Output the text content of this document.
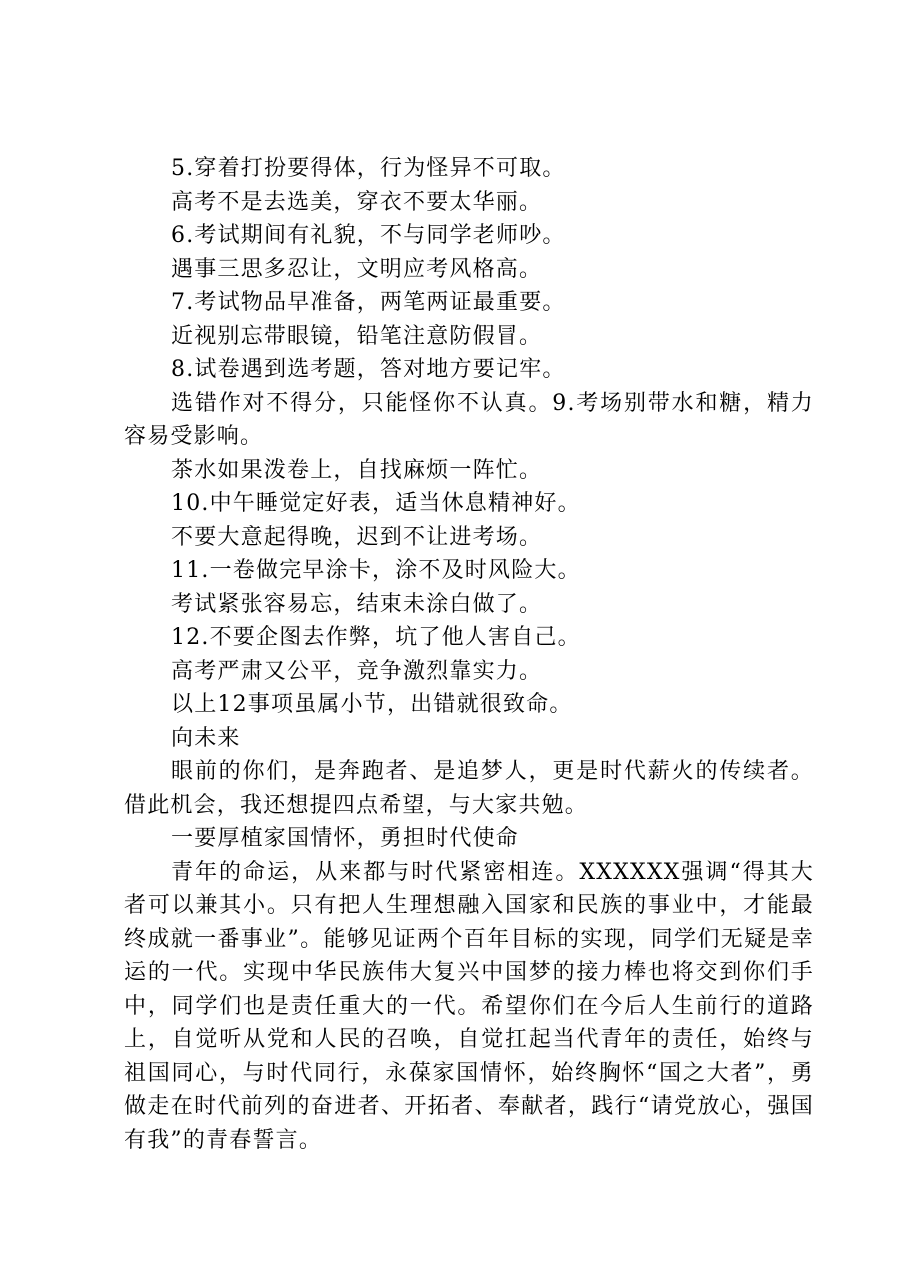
5.穿着打扮要得体，行为怪异不可取。

高考不是去选美，穿衣不要太华丽。

6.考试期间有礼貌，不与同学老师吵。

遇事三思多忍让，文明应考风格高。

7.考试物品早准备，两笔两证最重要。

近视别忘带眼镜，铅笔注意防假冒。

8.试卷遇到选考题，答对地方要记牢。

选错作对不得分，只能怪你不认真。9.考场别带水和糖，精力容易受影响。

茶水如果泼卷上，自找麻烦一阵忙。

10.中午睡觉定好表，适当休息精神好。

不要大意起得晚，迟到不让进考场。

11.一卷做完早涂卡，涂不及时风险大。

考试紧张容易忘，结束未涂白做了。

12.不要企图去作弊，坑了他人害自己。

高考严肃又公平，竞争激烈靠实力。

以上12事项虽属小节，出错就很致命。

向未来

眼前的你们，是奔跑者、是追梦人，更是时代薪火的传续者。借此机会，我还想提四点希望，与大家共勉。

一要厚植家国情怀，勇担时代使命

青年的命运，从来都与时代紧密相连。XXXXXX强调“得其大者可以兼其小。只有把人生理想融入国家和民族的事业中，才能最终成就一番事业”。能够见证两个百年目标的实现，同学们无疑是幸运的一代。实现中华民族伟大复兴中国梦的接力棒也将交到你们手中，同学们也是责任重大的一代。希望你们在今后人生前行的道路上，自觉听从党和人民的召唤，自觉扛起当代青年的责任，始终与祖国同心，与时代同行，永葆家国情怀，始终胸怀“国之大者”，勇做走在时代前列的奋进者、开拓者、奉献者，践行“请党放心，强国有我”的青春誓言。
